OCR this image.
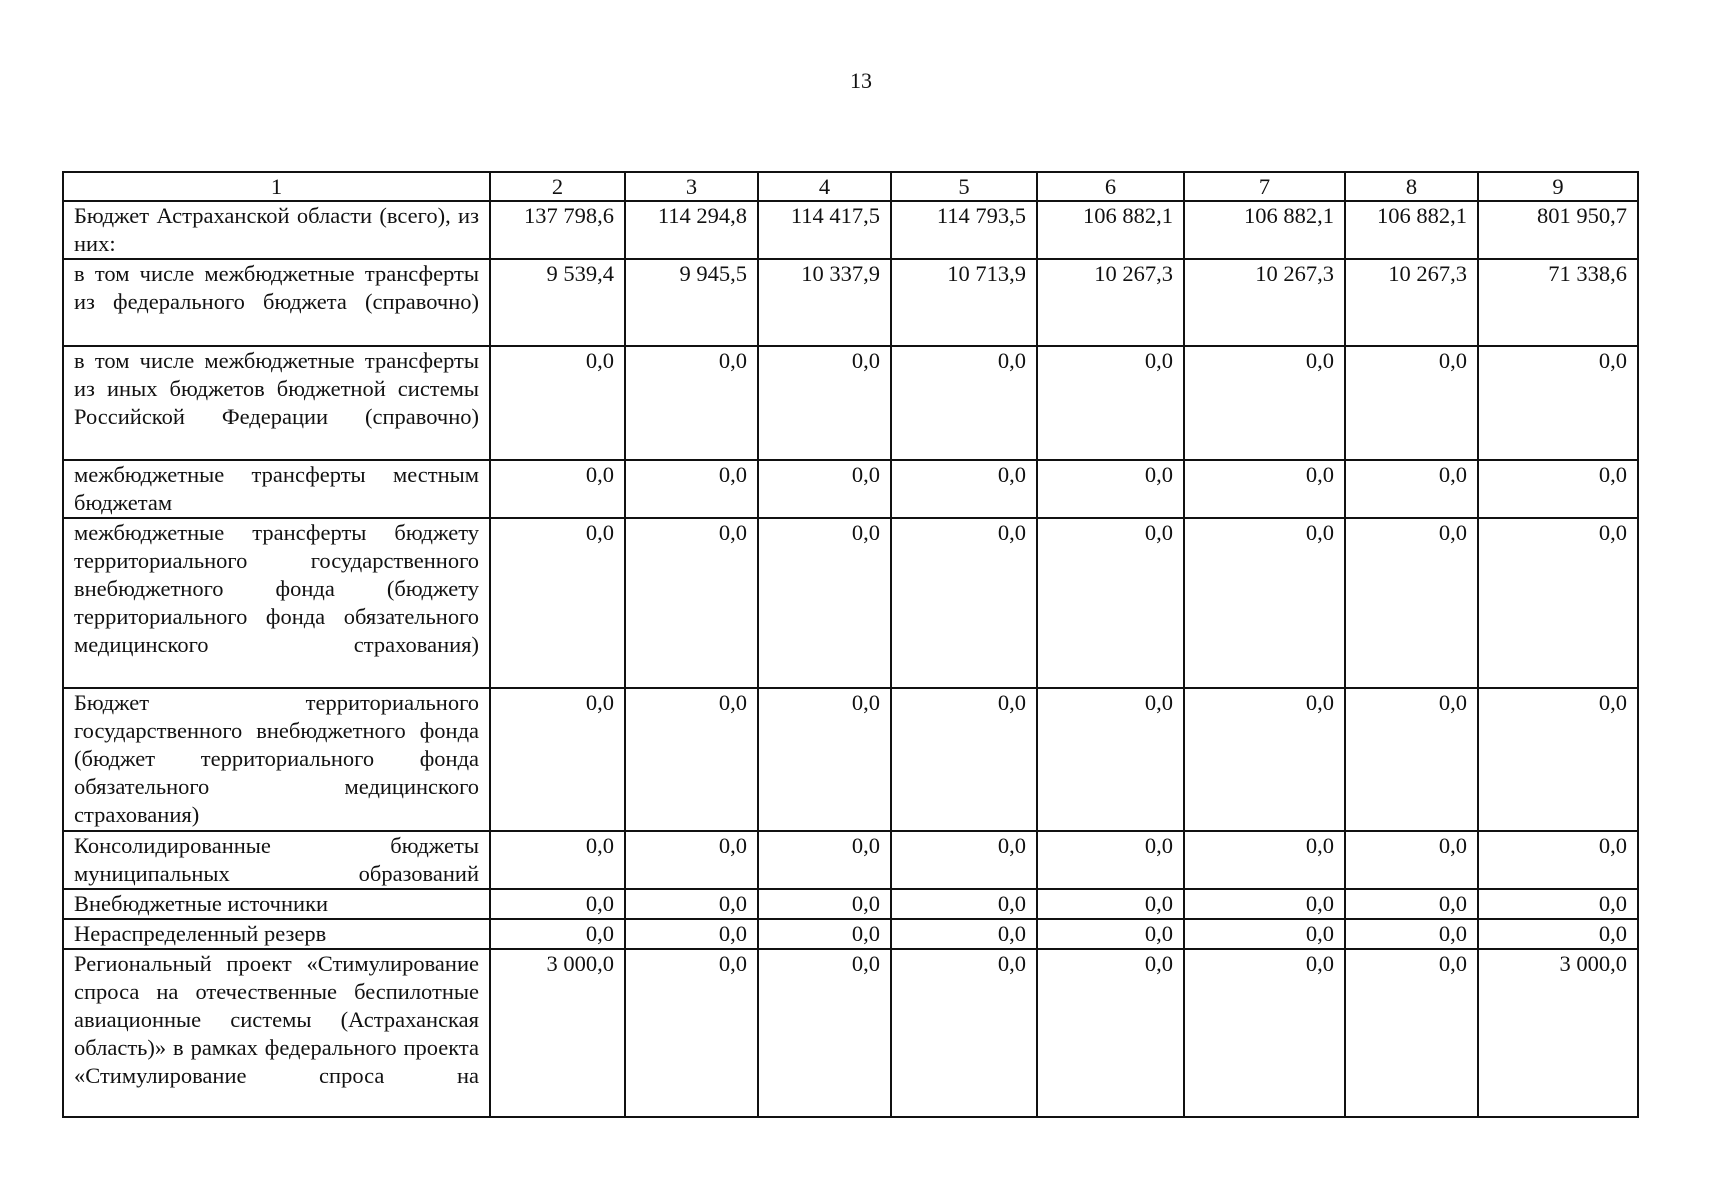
13
1	2	3	4	5	6	7	8	9
Бюджет Астраханской области (всего), из них:	137 798,6	114 294,8	114 417,5	114 793,5	106 882,1	106 882,1	106 882,1	801 950,7
в том числе межбюджетные трансферты из федерального бюджета (справочно)	9 539,4	9 945,5	10 337,9	10 713,9	10 267,3	10 267,3	10 267,3	71 338,6
в том числе межбюджетные трансферты из иных бюджетов бюджетной системы Российской Федерации (справочно)	0,0	0,0	0,0	0,0	0,0	0,0	0,0	0,0
межбюджетные трансферты местным бюджетам	0,0	0,0	0,0	0,0	0,0	0,0	0,0	0,0
межбюджетные трансферты бюджету территориального государственного внебюджетного фонда (бюджету территориального фонда обязательного медицинского страхования)	0,0	0,0	0,0	0,0	0,0	0,0	0,0	0,0
Бюджет территориального государственного внебюджетного фонда (бюджет территориального фонда обязательного медицинского страхования)	0,0	0,0	0,0	0,0	0,0	0,0	0,0	0,0
Консолидированные бюджеты муниципальных образований	0,0	0,0	0,0	0,0	0,0	0,0	0,0	0,0
Внебюджетные источники	0,0	0,0	0,0	0,0	0,0	0,0	0,0	0,0
Нераспределенный резерв	0,0	0,0	0,0	0,0	0,0	0,0	0,0	0,0
Региональный проект «Стимулирование спроса на отечественные беспилотные авиационные системы (Астраханская область)» в рамках федерального проекта «Стимулирование спроса на	3 000,0	0,0	0,0	0,0	0,0	0,0	0,0	3 000,0
